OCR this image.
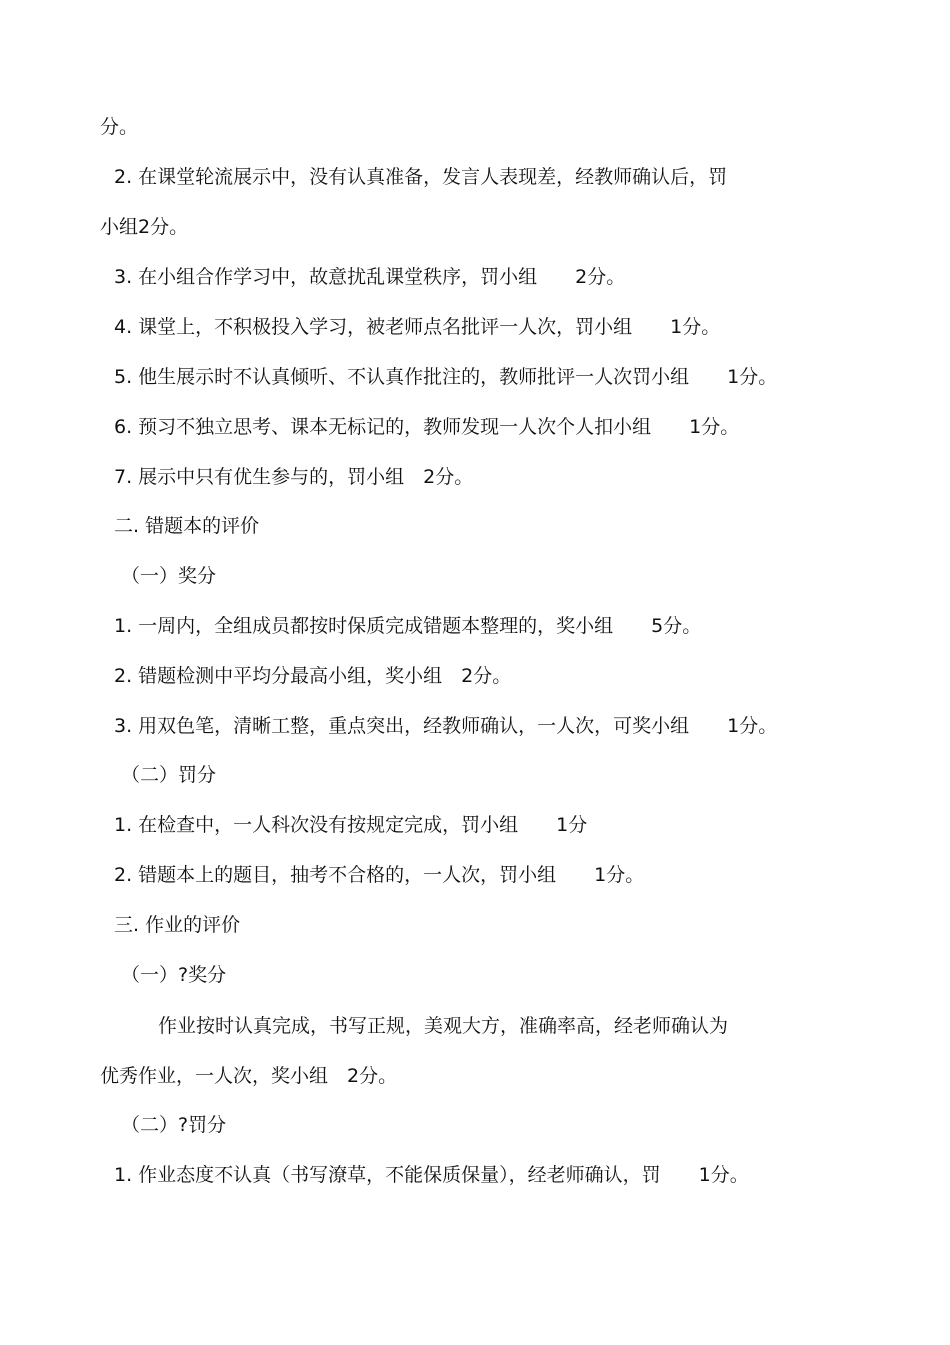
分。
2. 在课堂轮流展示中，没有认真准备，发言人表现差，经教师确认后，罚
小组2分。
3. 在小组合作学习中，故意扰乱课堂秩序，罚小组　　2分。
4. 课堂上，不积极投入学习，被老师点名批评一人次，罚小组　　1分。
5. 他生展示时不认真倾听、不认真作批注的，教师批评一人次罚小组　　1分。
6. 预习不独立思考、课本无标记的，教师发现一人次个人扣小组　　1分。
7. 展示中只有优生参与的，罚小组　2分。
二. 错题本的评价
（一）奖分
1. 一周内，全组成员都按时保质完成错题本整理的，奖小组　　5分。
2. 错题检测中平均分最高小组，奖小组　2分。
3. 用双色笔，清晰工整，重点突出，经教师确认，一人次，可奖小组　　1分。
（二）罚分
1. 在检查中，一人科次没有按规定完成，罚小组　　1分
2. 错题本上的题目，抽考不合格的，一人次，罚小组　　1分。
三. 作业的评价
（一）?奖分
作业按时认真完成，书写正规，美观大方，准确率高，经老师确认为
优秀作业，一人次，奖小组　2分。
（二）?罚分
1. 作业态度不认真（书写潦草，不能保质保量），经老师确认，罚　　1分。
